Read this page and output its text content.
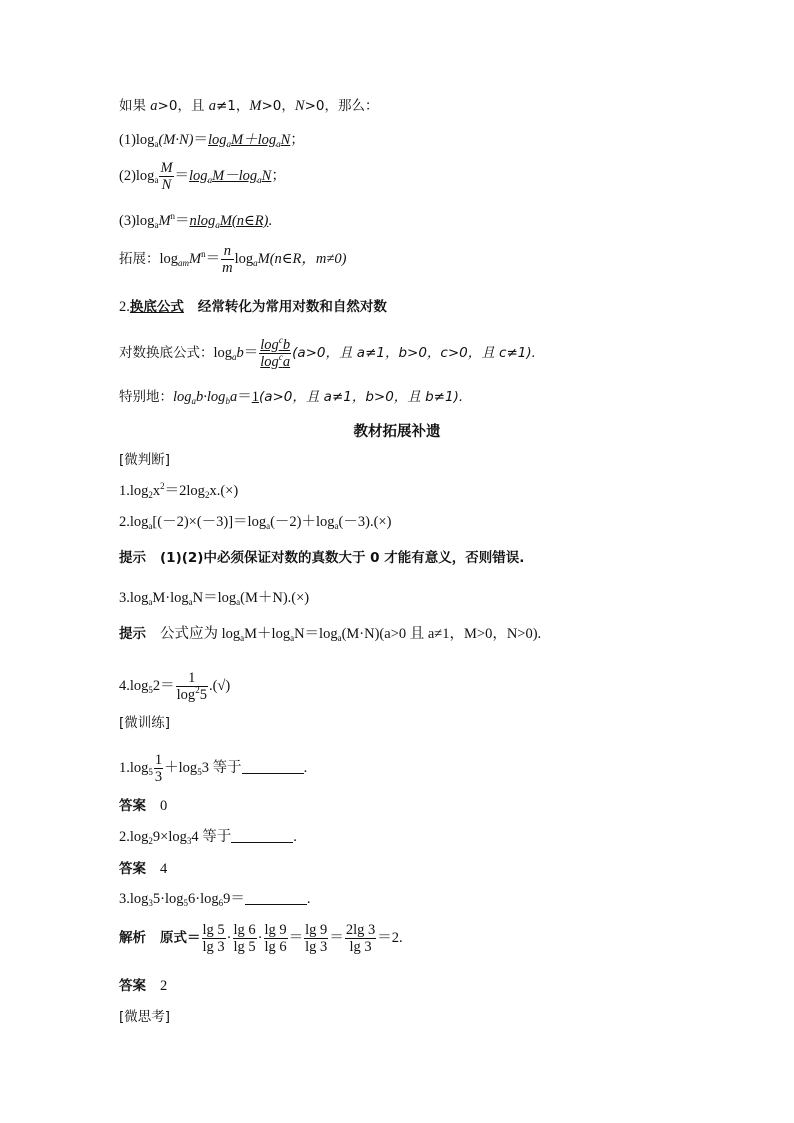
如果 a>0，且 a≠1，M>0，N>0，那么：
$(1)\log_a(M\cdot N)=\log_aM+\log_aN$；
$(2)\log_a \frac{M}{N} =\log_aM-\log_aN$；
$(3)\log_aM^n=nlog_aM(n\in R)$.
拓展：$\log_{am}M^n= \frac{n}{m}$ $\log_aM(n\in R$，m≠0)
2.换底公式 经常转化为常用对数和自然对数
对数换底公式：$\log_ab= \frac{\log^cb}{\log^ca} (a>0$，且 a≠1，b>0，c>0，且 c≠1).
特别地：$\log_ab\cdot\log_ba=1(a>0$，且 a≠1，b>0，且 b≠1).
教材拓展补遗
[微判断]
$1.\log_2x^2=2\log_2x.(\times)$
$2.\log_a[(-2)\times(-3)]=\log_a(-2)+\log_a(-3).(\times)$
提示 (1)(2)中必须保证对数的真数大于 0 才能有意义，否则错误.
$3.\log_aM\cdot\log_aN=\log_a(M+N).(\times)$
提示 公式应为 $\log_aM+\log_aN=\log_a(M\cdot N)(a>0$ 且 a≠1，M>0，N>0).
$4.\log_52= \frac{1}{\log^25}$ .(√)
[微训练]
$1.\log_5 \frac{1}{3} +\log_53$ 等于	.
答案 0
$2.\log_29\times\log_34$ 等于	.
答案 4
$3.\log_35\cdot\log_56\cdot\log_69=$	.
解析 原式＝ $\frac{\lg 5}{\lg 3} \cdot \frac{\lg 6}{\lg 5} \cdot \frac{\lg 9}{\lg 6} = \frac{\lg 9}{\lg 3} = \frac{2\lg 3}{\lg 3} =2$.
答案 2
[微思考]
